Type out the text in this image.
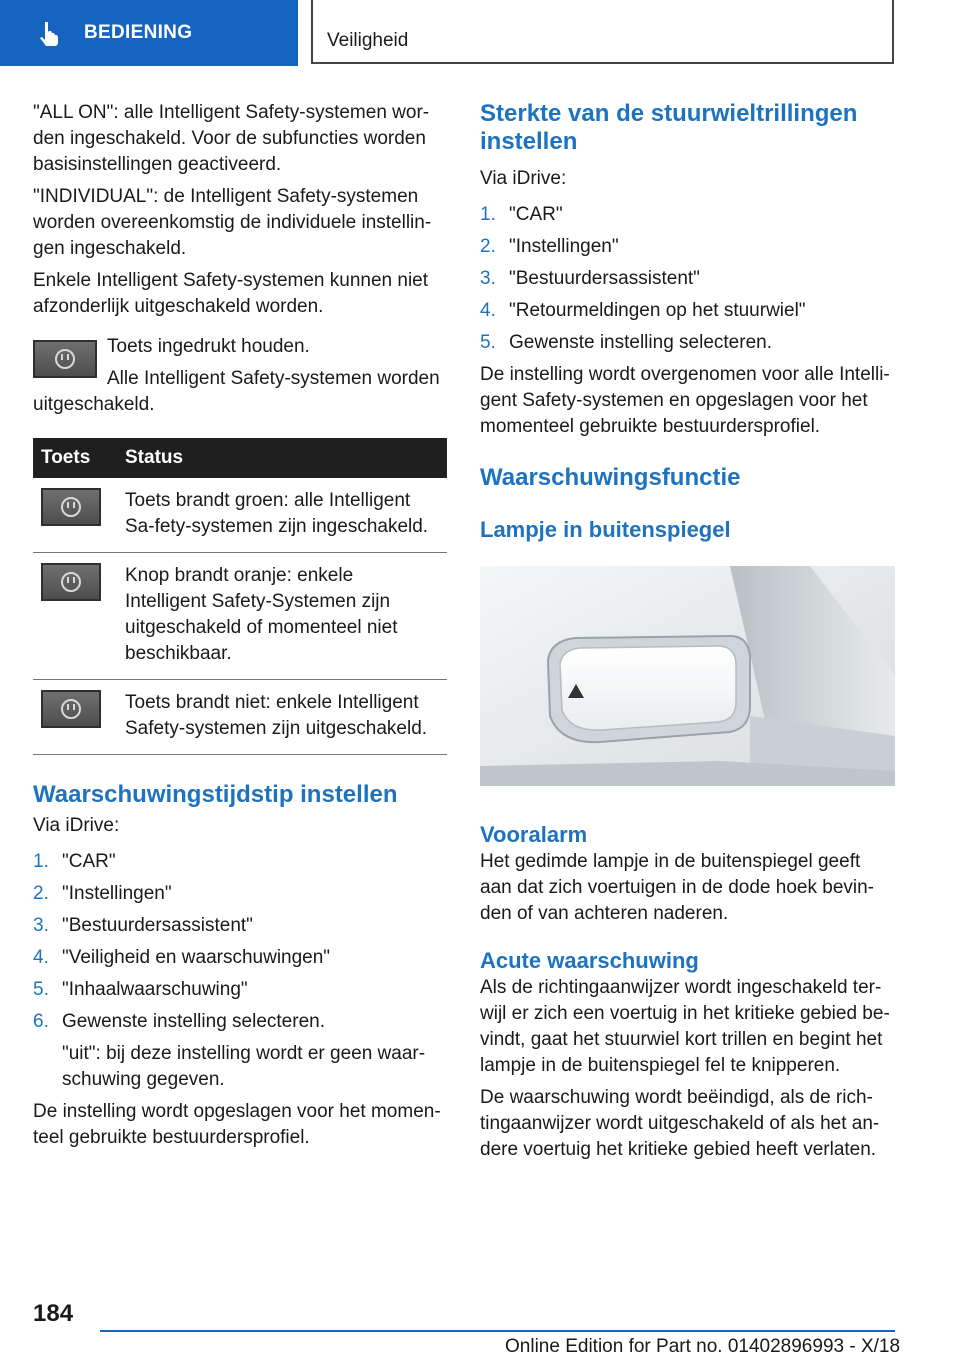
BEDIENING	Veiligheid

"ALL ON": alle Intelligent Safety-systemen wor-den ingeschakeld. Voor de subfuncties worden basisinstellingen geactiveerd.

"INDIVIDUAL": de Intelligent Safety-systemen worden overeenkomstig de individuele instellin-gen ingeschakeld.

Enkele Intelligent Safety-systemen kunnen niet afzonderlijk uitgeschakeld worden.

Toets ingedrukt houden.

Alle Intelligent Safety-systemen worden uitgeschakeld.

Toets	Status

	Toets brandt groen: alle Intelligent Sa-fety-systemen zijn ingeschakeld.

	Knop brandt oranje: enkele Intelligent Safety-Systemen zijn uitgeschakeld of momenteel niet beschikbaar.

	Toets brandt niet: enkele Intelligent Safety-systemen zijn uitgeschakeld.
Waarschuwingstijdstip instellen

Via iDrive:

1. "CAR"
2. "Instellingen"
3. "Bestuurdersassistent"
4. "Veiligheid en waarschuwingen"
5. "Inhaalwaarschuwing"
6. Gewenste instelling selecteren.

"uit": bij deze instelling wordt er geen waar-schuwing gegeven.

De instelling wordt opgeslagen voor het momen-teel gebruikte bestuurdersprofiel.

Sterkte van de stuurwieltrillingen instellen

Via iDrive:

1. "CAR"
2. "Instellingen"
3. "Bestuurdersassistent"
4. "Retourmeldingen op het stuurwiel"
5. Gewenste instelling selecteren.

De instelling wordt overgenomen voor alle Intelli-gent Safety-systemen en opgeslagen voor het momenteel gebruikte bestuurdersprofiel.

Waarschuwingsfunctie
Lampje in buitenspiegel
Vooralarm

Het gedimde lampje in de buitenspiegel geeft aan dat zich voertuigen in de dode hoek bevin-den of van achteren naderen.

Acute waarschuwing

Als de richtingaanwijzer wordt ingeschakeld ter-wijl er zich een voertuig in het kritieke gebied be-vindt, gaat het stuurwiel kort trillen en begint het lampje in de buitenspiegel fel te knipperen.

De waarschuwing wordt beëindigd, als de rich-tingaanwijzer wordt uitgeschakeld of als het an-dere voertuig het kritieke gebied heeft verlaten.

184
Online Edition for Part no. 01402896993 - X/18
